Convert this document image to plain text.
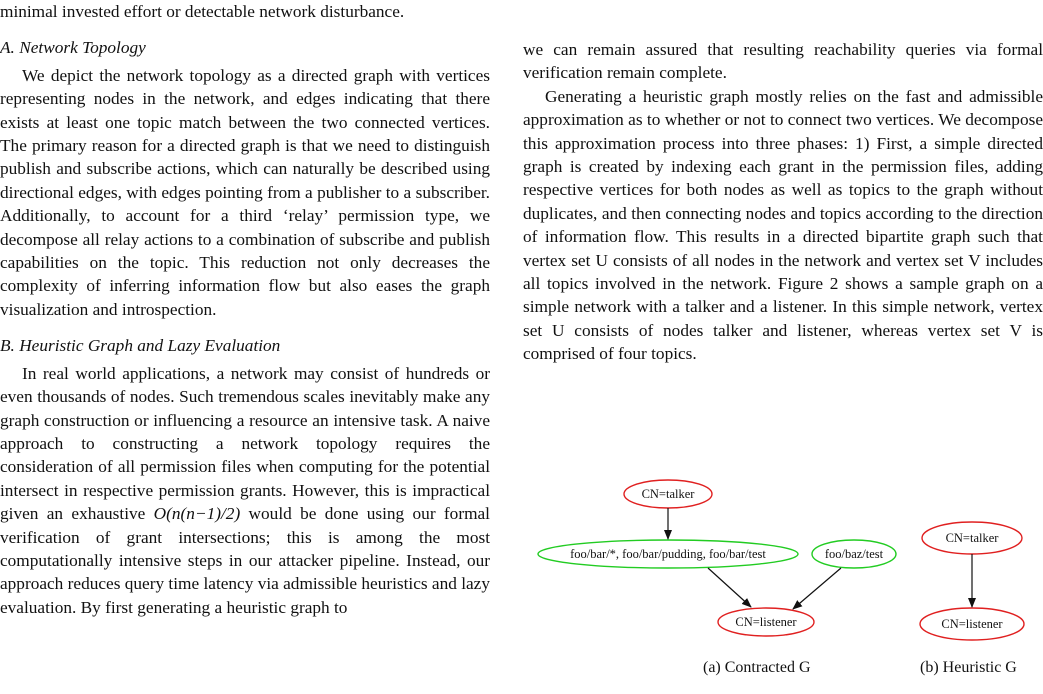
minimal invested effort or detectable network disturbance.

A. Network Topology

We depict the network topology as a directed graph with vertices representing nodes in the network, and edges indicating that there exists at least one topic match between the two connected vertices. The primary reason for a directed graph is that we need to distinguish publish and subscribe actions, which can naturally be described using directional edges, with edges pointing from a publisher to a subscriber. Additionally, to account for a third ‘relay’ permission type, we decompose all relay actions to a combination of subscribe and publish capabilities on the topic. This reduction not only decreases the complexity of inferring information flow but also eases the graph visualization and introspection.

B. Heuristic Graph and Lazy Evaluation

In real world applications, a network may consist of hundreds or even thousands of nodes. Such tremendous scales inevitably make any graph construction or influencing a resource an intensive task. A naive approach to constructing a network topology requires the consideration of all permission files when computing for the potential intersect in respective permission grants. However, this is impractical given an exhaustive O(n(n−1)/2) would be done using our formal verification of grant intersections; this is among the most computationally intensive steps in our attacker pipeline. Instead, our approach reduces query time latency via admissible heuristics and lazy evaluation. By first generating a heuristic graph to

we can remain assured that resulting reachability queries via formal verification remain complete.

Generating a heuristic graph mostly relies on the fast and admissible approximation as to whether or not to connect two vertices. We decompose this approximation process into three phases: 1) First, a simple directed graph is created by indexing each grant in the permission files, adding respective vertices for both nodes as well as topics to the graph without duplicates, and then connecting nodes and topics according to the direction of information flow. This results in a directed bipartite graph such that vertex set U consists of all nodes in the network and vertex set V includes all topics involved in the network. Figure 2 shows a sample graph on a simple network with a talker and a listener. In this simple network, vertex set U consists of nodes talker and listener, whereas vertex set V is comprised of four topics.

CN=talker
foo/bar/*, foo/bar/pudding, foo/bar/test	foo/baz/test
CN=listener
CN=talker
CN=listener
(a) Contracted G	(b) Heuristic G
